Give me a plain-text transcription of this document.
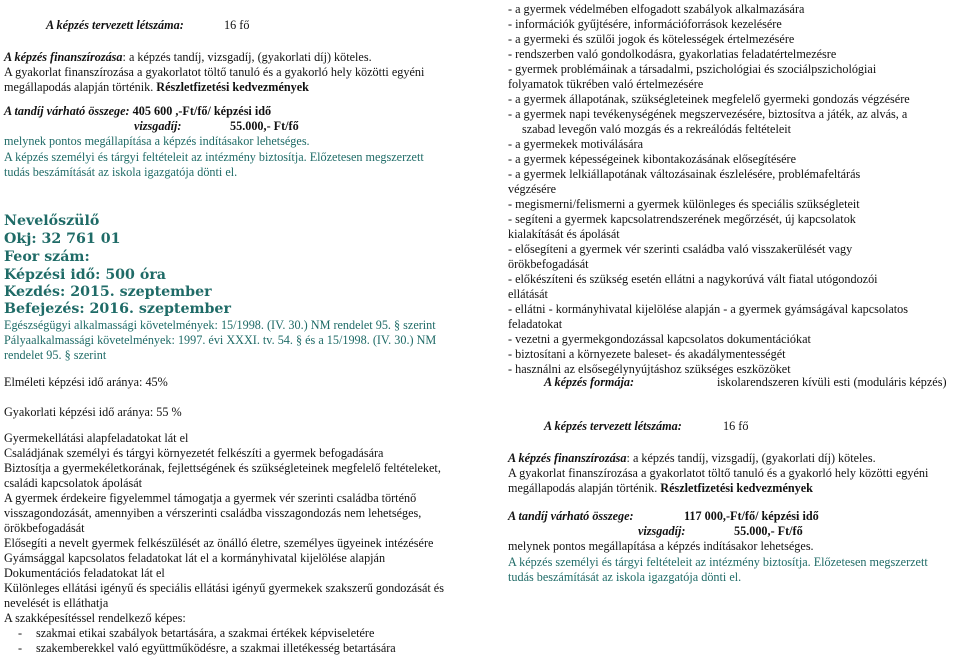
A képzés tervezett létszáma:	16 fő
A képzés finanszírozása: a képzés tandíj, vizsgadíj, (gyakorlati díj) köteles.
A gyakorlat finanszírozása a gyakorlatot töltő tanuló és a gyakorló hely közötti egyéni
megállapodás alapján történik. Részletfizetési kedvezmények
A tandíj várható összege: 405 600 ,-Ft/fő/ képzési idő
vizsgadíj:	55.000,- Ft/fő
melynek pontos megállapítása a képzés indításakor lehetséges.
A képzés személyi és tárgyi feltételeit az intézmény biztosítja. Előzetesen megszerzett
tudás beszámítását az iskola igazgatója dönti el.
Nevelőszülő
Okj: 32 761 01
Feor szám:
Képzési idő: 500 óra
Kezdés: 2015. szeptember
Befejezés: 2016. szeptember
Egészségügyi alkalmassági követelmények: 15/1998. (IV. 30.) NM rendelet 95. § szerint
Pályaalkalmassági követelmények: 1997. évi XXXI. tv. 54. § és a 15/1998. (IV. 30.) NM
rendelet 95. § szerint
Elméleti képzési idő aránya: 45%
Gyakorlati képzési idő aránya: 55 %
Gyermekellátási alapfeladatokat lát el
Családjának személyi és tárgyi környezetét felkészíti a gyermek befogadására
Biztosítja a gyermekéletkorának, fejlettségének és szükségleteinek megfelelő feltételeket,
családi kapcsolatok ápolását
A gyermek érdekeire figyelemmel támogatja a gyermek vér szerinti családba történő
visszagondozását, amennyiben a vérszerinti családba visszagondozás nem lehetséges,
örökbefogadását
Elősegíti a nevelt gyermek felkészülését az önálló életre, személyes ügyeinek intézésére
Gyámsággal kapcsolatos feladatokat lát el a kormányhivatal kijelölése alapján
Dokumentációs feladatokat lát el
Különleges ellátási igényű és speciális ellátási igényű gyermekek szakszerű gondozását és
nevelését is elláthatja
A szakképesítéssel rendelkező képes:
- szakmai etikai szabályok betartására, a szakmai értékek képviseletére
- szakemberekkel való együttműködésre, a szakmai illetékesség betartására
- a gyermek védelmében elfogadott szabályok alkalmazására
- információk gyűjtésére, információforrások kezelésére
- a gyermeki és szülői jogok és kötelességek értelmezésére
- rendszerben való gondolkodásra, gyakorlatias feladatértelmezésre
- gyermek problémáinak a társadalmi, pszichológiai és szociálpszichológiai
folyamatok tükrében való értelmezésére
- a gyermek állapotának, szükségleteinek megfelelő gyermeki gondozás végzésére
- a gyermek napi tevékenységének megszervezésére, biztosítva a játék, az alvás, a
szabad levegőn való mozgás és a rekreálódás feltételeit
- a gyermekek motiválására
- a gyermek képességeinek kibontakozásának elősegítésére
- a gyermek lelkiállapotának változásainak észlelésére, problémafeltárás
végzésére
- megismerni/felismerni a gyermek különleges és speciális szükségleteit
- segíteni a gyermek kapcsolatrendszerének megőrzését, új kapcsolatok
kialakítását és ápolását
- elősegíteni a gyermek vér szerinti családba való visszakerülését vagy
örökbefogadását
- előkészíteni és szükség esetén ellátni a nagykorúvá vált fiatal utógondozói
ellátását
- ellátni - kormányhivatal kijelölése alapján - a gyermek gyámságával kapcsolatos
feladatokat
- vezetni a gyermekgondozással kapcsolatos dokumentációkat
- biztosítani a környezete baleset- és akadálymentességét
- használni az elsősegélynyújtáshoz szükséges eszközöket
A képzés formája:	iskolarendszeren kívüli esti (moduláris képzés)
A képzés tervezett létszáma:	16 fő
A képzés finanszírozása: a képzés tandíj, vizsgadíj, (gyakorlati díj) köteles.
A gyakorlat finanszírozása a gyakorlatot töltő tanuló és a gyakorló hely közötti egyéni
megállapodás alapján történik. Részletfizetési kedvezmények
A tandíj várható összege:	117 000,-Ft/fő/ képzési idő
vizsgadíj:	55.000,- Ft/fő
melynek pontos megállapítása a képzés indításakor lehetséges.
A képzés személyi és tárgyi feltételeit az intézmény biztosítja. Előzetesen megszerzett
tudás beszámítását az iskola igazgatója dönti el.
